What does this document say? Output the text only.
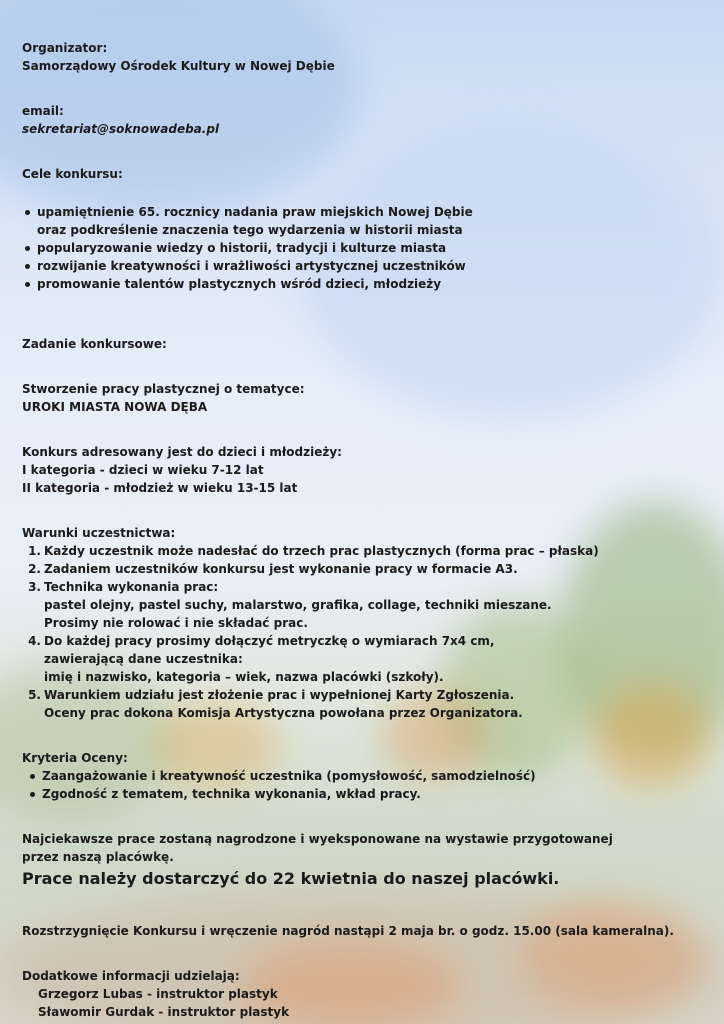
Organizator:

Samorządowy Ośrodek Kultury w Nowej Dębie

email:

sekretariat@soknowadeba.pl

Cele konkursu:

upamiętnienie 65. rocznicy nadania praw miejskich Nowej Dębie
oraz podkreślenie znaczenia tego wydarzenia w historii miasta
popularyzowanie wiedzy o historii, tradycji i kulturze miasta
rozwijanie kreatywności i wrażliwości artystycznej uczestników
promowanie talentów plastycznych wśród dzieci, młodzieży

Zadanie konkursowe:

Stworzenie pracy plastycznej o tematyce:

UROKI MIASTA NOWA DĘBA

Konkurs adresowany jest do dzieci i młodzieży:

I kategoria - dzieci w wieku 7-12 lat

II kategoria - młodzież w wieku 13-15 lat

Warunki uczestnictwa:

1. Każdy uczestnik może nadesłać do trzech prac plastycznych (forma prac – płaska)
2. Zadaniem uczestników konkursu jest wykonanie pracy w formacie A3.
3. Technika wykonania prac:
pastel olejny, pastel suchy, malarstwo, grafika, collage, techniki mieszane.
Prosimy nie rolować i nie składać prac.
4. Do każdej pracy prosimy dołączyć metryczkę o wymiarach 7x4 cm,
zawierającą dane uczestnika:
imię i nazwisko, kategoria – wiek, nazwa placówki (szkoły).
5. Warunkiem udziału jest złożenie prac i wypełnionej Karty Zgłoszenia.
Oceny prac dokona Komisja Artystyczna powołana przez Organizatora.

Kryteria Oceny:

Zaangażowanie i kreatywność uczestnika (pomysłowość, samodzielność)
Zgodność z tematem, technika wykonania, wkład pracy.

Najciekawsze prace zostaną nagrodzone i wyeksponowane na wystawie przygotowanej

przez naszą placówkę.

Prace należy dostarczyć do 22 kwietnia do naszej placówki.

Rozstrzygnięcie Konkursu i wręczenie nagród nastąpi 2 maja br. o godz. 15.00 (sala kameralna).

Dodatkowe informacji udzielają:

Grzegorz Lubas - instruktor plastyk

Sławomir Gurdak - instruktor plastyk
